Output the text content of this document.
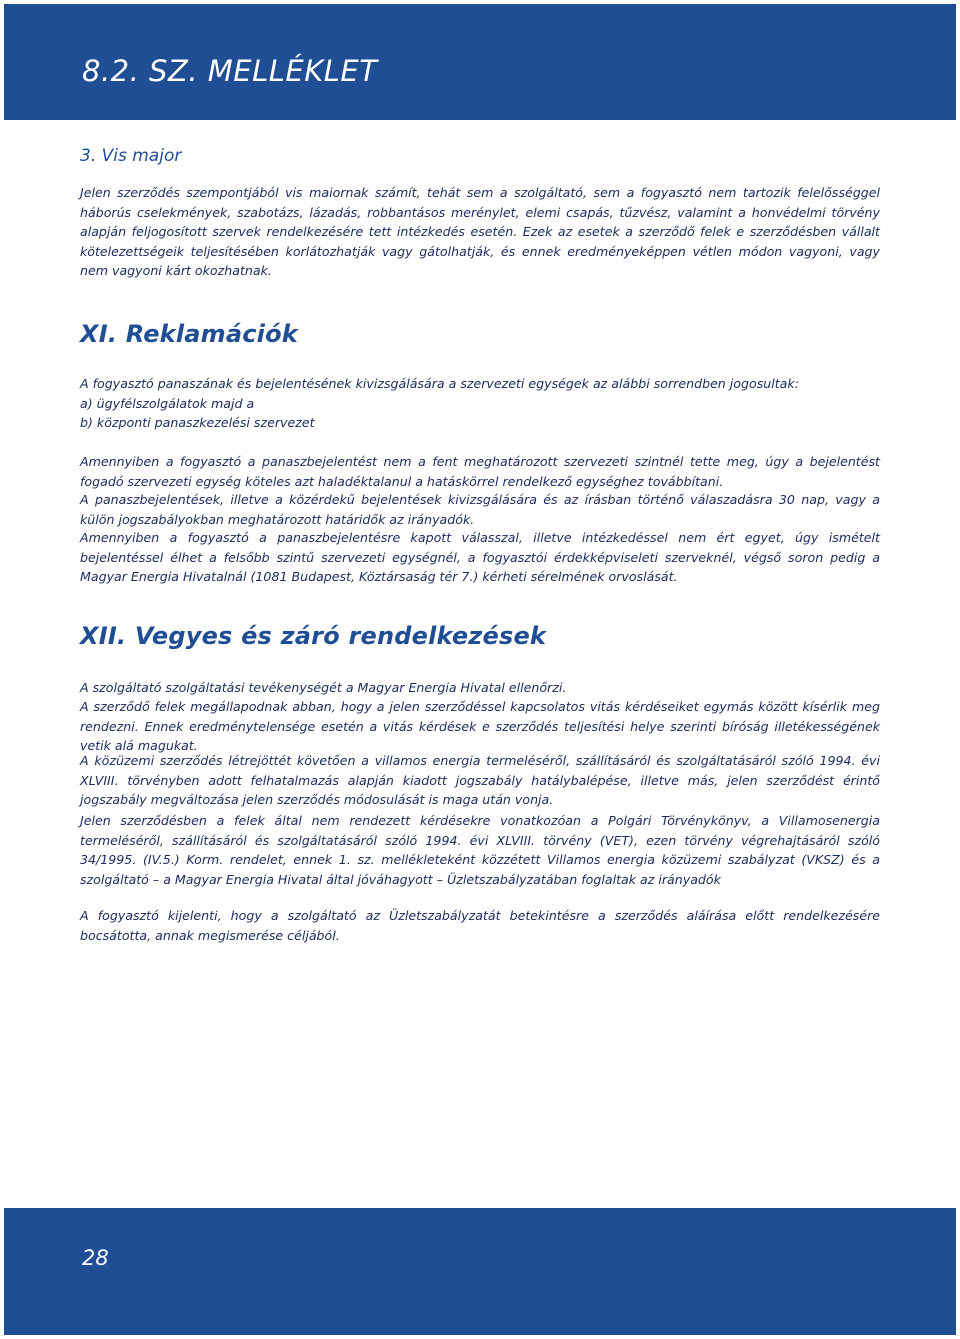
8.2. SZ. MELLÉKLET
3. Vis major

Jelen szerződés szempontjából vis maiornak számít, tehát sem a szolgáltató, sem a fogyasztó nem tartozik felelősséggel háborús cselekmények, szabotázs, lázadás, robbantásos merénylet, elemi csapás, tűzvész, valamint a honvédelmi törvény alapján feljogosított szervek rendelkezésére tett intézkedés esetén. Ezek az esetek a szerződő felek e szerződésben vállalt kötelezettségeik teljesítésében korlátozhatják vagy gátolhatják, és ennek eredményeképpen vétlen módon vagyoni, vagy nem vagyoni kárt okozhatnak.

XI. Reklamációk

A fogyasztó panaszának és bejelentésének kivizsgálására a szervezeti egységek az alábbi sorrendben jogosultak:

a) ügyfélszolgálatok majd a

b) központi panaszkezelési szervezet

Amennyiben a fogyasztó a panaszbejelentést nem a fent meghatározott szervezeti szintnél tette meg, úgy a bejelentést fogadó szervezeti egység köteles azt haladéktalanul a hatáskörrel rendelkező egységhez továbbítani.

A panaszbejelentések, illetve a közérdekű bejelentések kivizsgálására és az írásban történő válaszadásra 30 nap, vagy a külön jogszabályokban meghatározott határidők az irányadók.

Amennyiben a fogyasztó a panaszbejelentésre kapott válasszal, illetve intézkedéssel nem ért egyet, úgy ismételt bejelentéssel élhet a felsőbb szintű szervezeti egységnél, a fogyasztói érdekképviseleti szerveknél, végső soron pedig a Magyar Energia Hivatalnál (1081 Budapest, Köztársaság tér 7.) kérheti sérelmének orvoslását.

XII. Vegyes és záró rendelkezések

A szolgáltató szolgáltatási tevékenységét a Magyar Energia Hivatal ellenőrzi.

A szerződő felek megállapodnak abban, hogy a jelen szerződéssel kapcsolatos vitás kérdéseiket egymás között kísérlik meg rendezni. Ennek eredménytelensége esetén a vitás kérdések e szerződés teljesítési helye szerinti bíróság illetékességének vetik alá magukat.

A közüzemi szerződés létrejöttét követően a villamos energia termeléséről, szállításáról és szolgáltatásáról szóló 1994. évi XLVIII. törvényben adott felhatalmazás alapján kiadott jogszabály hatálybalépése, illetve más, jelen szerződést érintő jogszabály megváltozása jelen szerződés módosulását is maga után vonja.

Jelen szerződésben a felek által nem rendezett kérdésekre vonatkozóan a Polgári Törvénykönyv, a Villamosenergia termeléséről, szállításáról és szolgáltatásáról szóló 1994. évi XLVIII. törvény (VET), ezen törvény végrehajtásáról szóló 34/1995. (IV.5.) Korm. rendelet, ennek 1. sz. mellékleteként közzétett Villamos energia közüzemi szabályzat (VKSZ) és a szolgáltató – a Magyar Energia Hivatal által jóváhagyott – Üzletszabályzatában foglaltak az irányadók

A fogyasztó kijelenti, hogy a szolgáltató az Üzletszabályzatát betekintésre a szerződés aláírása előtt rendelkezésére bocsátotta, annak megismerése céljából.

28
